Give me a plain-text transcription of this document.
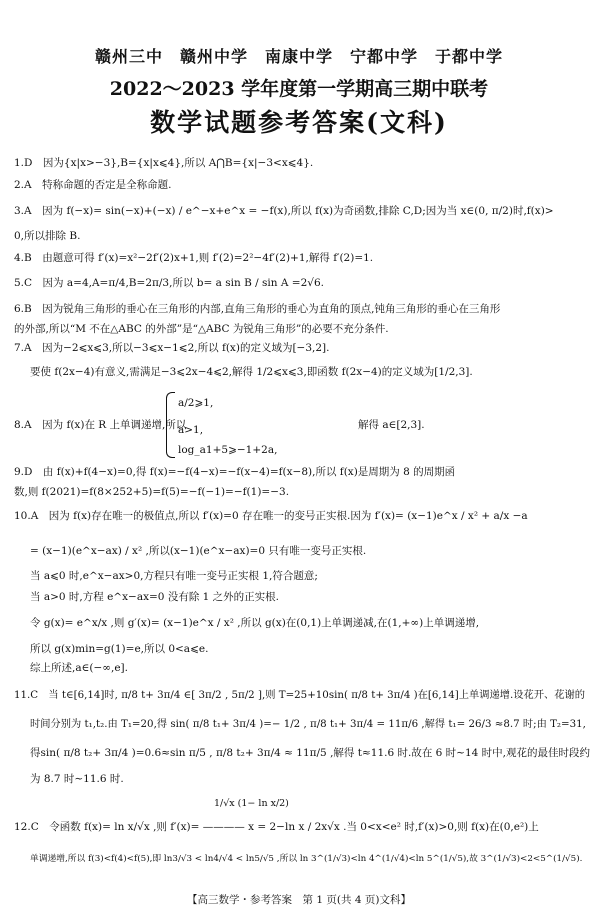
赣州三中　赣州中学　南康中学　宁都中学　于都中学
2022～2023 学年度第一学期高三期中联考
数学试题参考答案(文科)
1.D　因为{x|x>−3},B={x|x⩽4},所以 A⋂B={x|−3<x⩽4}.
2.A　特称命题的否定是全称命题.
3.A　因为 f(−x)= sin(−x)+(−x) / e^−x+e^x = −f(x),所以 f(x)为奇函数,排除 C,D;因为当 x∈(0, π/2)时,f(x)>
0,所以排除 B.
4.B　由题意可得 f′(x)=x²−2f′(2)x+1,则 f′(2)=2²−4f′(2)+1,解得 f′(2)=1.
5.C　因为 a=4,A=π/4,B=2π/3,所以 b= a sin B / sin A =2√6.
6.B　因为锐角三角形的垂心在三角形的内部,直角三角形的垂心为直角的顶点,钝角三角形的垂心在三角形
的外部,所以“M 不在△ABC 的外部”是“△ABC 为锐角三角形”的必要不充分条件.
7.A　因为−2⩽x⩽3,所以−3⩽x−1⩽2,所以 f(x)的定义域为[−3,2].
要使 f(2x−4)有意义,需满足−3⩽2x−4⩽2,解得 1/2⩽x⩽3,即函数 f(2x−4)的定义域为[1/2,3].
a/2⩾1,
8.A　因为 f(x)在 R 上单调递增,所以
a>1,	解得 a∈[2,3].
log_a1+5⩾−1+2a,
9.D　由 f(x)+f(4−x)=0,得 f(x)=−f(4−x)=−f(x−4)=f(x−8),所以 f(x)是周期为 8 的周期函
数,则 f(2021)=f(8×252+5)=f(5)=−f(−1)=−f(1)=−3.
10.A　因为 f(x)存在唯一的极值点,所以 f′(x)=0 存在唯一的变号正实根.因为 f′(x)= (x−1)e^x / x² + a/x −a
= (x−1)(e^x−ax) / x² ,所以(x−1)(e^x−ax)=0 只有唯一变号正实根.
当 a⩽0 时,e^x−ax>0,方程只有唯一变号正实根 1,符合题意;
当 a>0 时,方程 e^x−ax=0 没有除 1 之外的正实根.
令 g(x)= e^x/x ,则 g′(x)= (x−1)e^x / x² ,所以 g(x)在(0,1)上单调递减,在(1,+∞)上单调递增,
所以 g(x)min=g(1)=e,所以 0<a⩽e.
综上所述,a∈(−∞,e].
11.C　当 t∈[6,14]时, π/8 t+ 3π/4 ∈[ 3π/2 , 5π/2 ],则 T=25+10sin( π/8 t+ 3π/4 )在[6,14]上单调递增.设花开、花谢的
时间分别为 t₁,t₂.由 T₁=20,得 sin( π/8 t₁+ 3π/4 )=− 1/2 , π/8 t₁+ 3π/4 = 11π/6 ,解得 t₁= 26/3 ≈8.7 时;由 T₂=31,
得sin( π/8 t₂+ 3π/4 )=0.6≈sin π/5 , π/8 t₂+ 3π/4 ≈ 11π/5 ,解得 t≈11.6 时.故在 6 时∼14 时中,观花的最佳时段约
为 8.7 时∼11.6 时.
1/√x (1− ln x/2)
12.C　令函数 f(x)= ln x/√x ,则 f′(x)= ———— x = 2−ln x / 2x√x .当 0<x<e² 时,f′(x)>0,则 f(x)在(0,e²)上
单调递增,所以 f(3)<f(4)<f(5),即 ln3/√3 < ln4/√4 < ln5/√5 ,所以 ln 3^(1/√3)<ln 4^(1/√4)<ln 5^(1/√5),故 3^(1/√3)<2<5^(1/√5).
【高三数学・参考答案　第 1 页(共 4 页)文科】
